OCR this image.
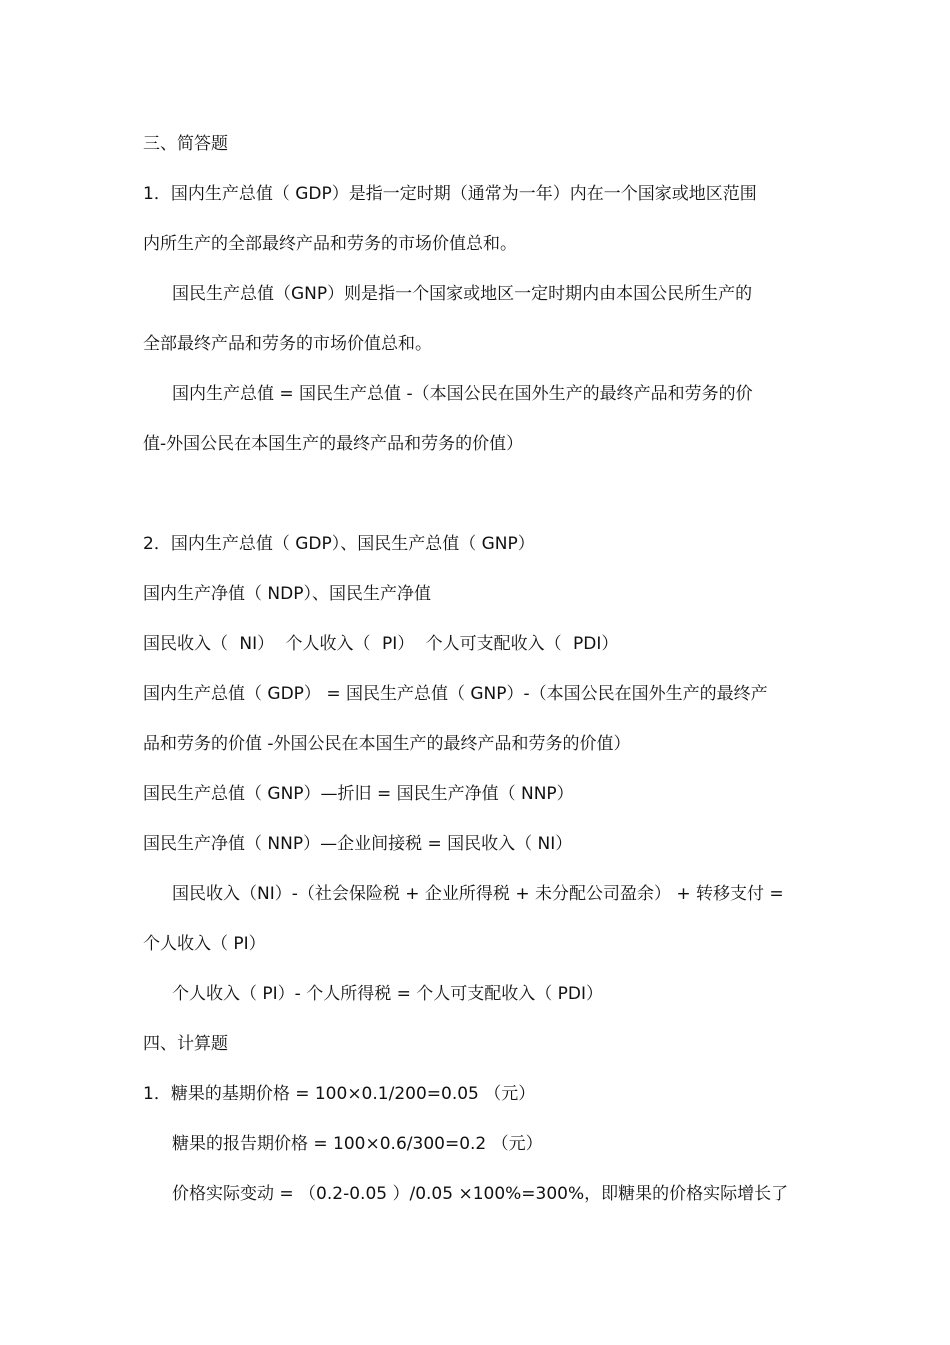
三、简答题
1．国内生产总值（ GDP）是指一定时期（通常为一年）内在一个国家或地区范围
内所生产的全部最终产品和劳务的市场价值总和。
国民生产总值（GNP）则是指一个国家或地区一定时期内由本国公民所生产的
全部最终产品和劳务的市场价值总和。
国内生产总值 = 国民生产总值 -（本国公民在国外生产的最终产品和劳务的价
值-外国公民在本国生产的最终产品和劳务的价值）
2．国内生产总值（ GDP）、国民生产总值（ GNP）
国内生产净值（ NDP）、国民生产净值
国民收入（ NI） 个人收入（ PI） 个人可支配收入（ PDI）
国内生产总值（ GDP） = 国民生产总值（ GNP）-（本国公民在国外生产的最终产
品和劳务的价值 -外国公民在本国生产的最终产品和劳务的价值）
国民生产总值（ GNP）—折旧 = 国民生产净值（ NNP）
国民生产净值（ NNP）—企业间接税 = 国民收入（ NI）
国民收入（NI）-（社会保险税 + 企业所得税 + 未分配公司盈余） + 转移支付 =
个人收入（ PI）
个人收入（ PI）- 个人所得税 = 个人可支配收入（ PDI）
四、计算题
1．糖果的基期价格 = 100×0.1/200=0.05 （元）
糖果的报告期价格 = 100×0.6/300=0.2 （元）
价格实际变动 = （0.2-0.05 ）/0.05 ×100%=300%，即糖果的价格实际增长了
